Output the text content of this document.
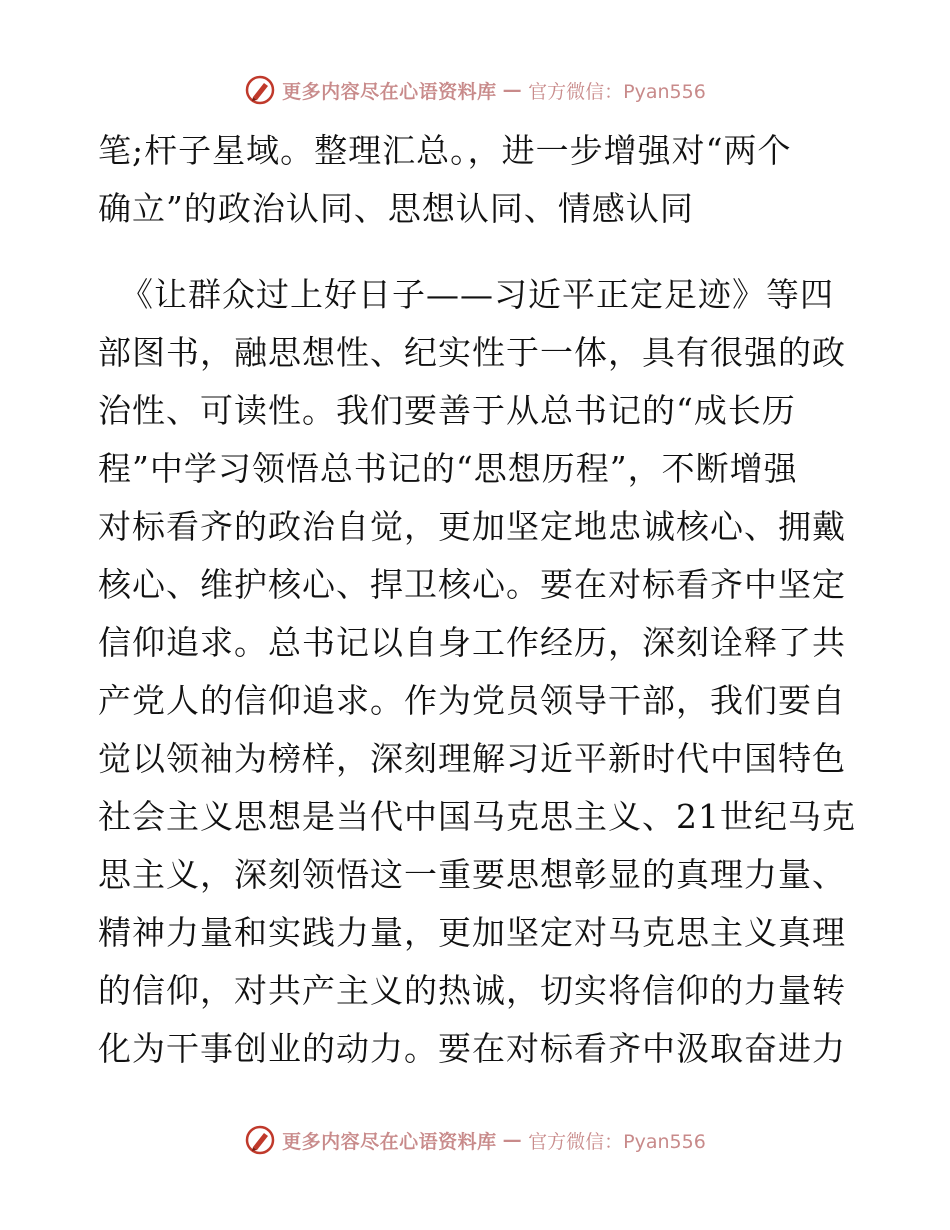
更多内容尽在心语资料库 — 官方微信：Pyan556
笔;杆子星域。整理汇总。，进一步增强对“两个
确立”的政治认同、思想认同、情感认同
《让群众过上好日子——习近平正定足迹》等四
部图书，融思想性、纪实性于一体，具有很强的政
治性、可读性。我们要善于从总书记的“成长历
程”中学习领悟总书记的“思想历程”，不断增强
对标看齐的政治自觉，更加坚定地忠诚核心、拥戴
核心、维护核心、捍卫核心。要在对标看齐中坚定
信仰追求。总书记以自身工作经历，深刻诠释了共
产党人的信仰追求。作为党员领导干部，我们要自
觉以领袖为榜样，深刻理解习近平新时代中国特色
社会主义思想是当代中国马克思主义、21世纪马克
思主义，深刻领悟这一重要思想彰显的真理力量、
精神力量和实践力量，更加坚定对马克思主义真理
的信仰，对共产主义的热诚，切实将信仰的力量转
化为干事创业的动力。要在对标看齐中汲取奋进力
更多内容尽在心语资料库 — 官方微信：Pyan556
